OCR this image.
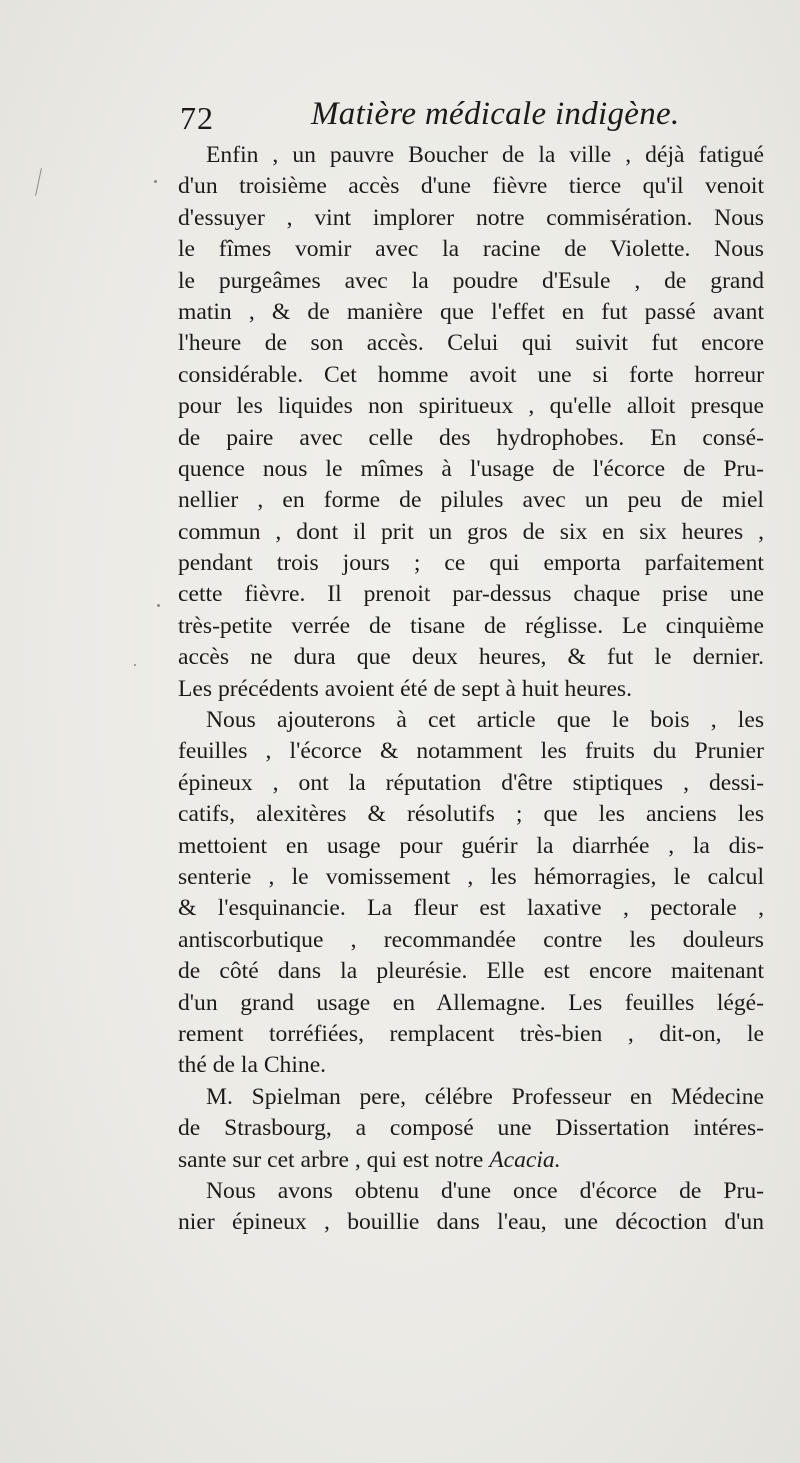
72	Matière médicale indigène.
Enfin , un pauvre Boucher de la ville , déjà fatigué
d'un troisième accès d'une fièvre tierce qu'il venoit
d'essuyer , vint implorer notre commisération. Nous
le fîmes vomir avec la racine de Violette. Nous
le purgeâmes avec la poudre d'Esule , de grand
matin , & de manière que l'effet en fut passé avant
l'heure de son accès. Celui qui suivit fut encore
considérable. Cet homme avoit une si forte horreur
pour les liquides non spiritueux , qu'elle alloit presque
de paire avec celle des hydrophobes. En consé-
quence nous le mîmes à l'usage de l'écorce de Pru-
nellier , en forme de pilules avec un peu de miel
commun , dont il prit un gros de six en six heures ,
pendant trois jours ; ce qui emporta parfaitement
cette fièvre. Il prenoit par-dessus chaque prise une
très-petite verrée de tisane de réglisse. Le cinquième
accès ne dura que deux heures, & fut le dernier.
Les précédents avoient été de sept à huit heures.
Nous ajouterons à cet article que le bois , les
feuilles , l'écorce & notamment les fruits du Prunier
épineux , ont la réputation d'être stiptiques , dessi-
catifs, alexitères & résolutifs ; que les anciens les
mettoient en usage pour guérir la diarrhée , la dis-
senterie , le vomissement , les hémorragies, le calcul
& l'esquinancie. La fleur est laxative , pectorale ,
antiscorbutique , recommandée contre les douleurs
de côté dans la pleurésie. Elle est encore maitenant
d'un grand usage en Allemagne. Les feuilles légé-
rement torréfiées, remplacent très-bien , dit-on, le
thé de la Chine.
M. Spielman pere, célébre Professeur en Médecine
de Strasbourg, a composé une Dissertation intéres-
sante sur cet arbre , qui est notre Acacia.
Nous avons obtenu d'une once d'écorce de Pru-
nier épineux , bouillie dans l'eau, une décoction d'un
